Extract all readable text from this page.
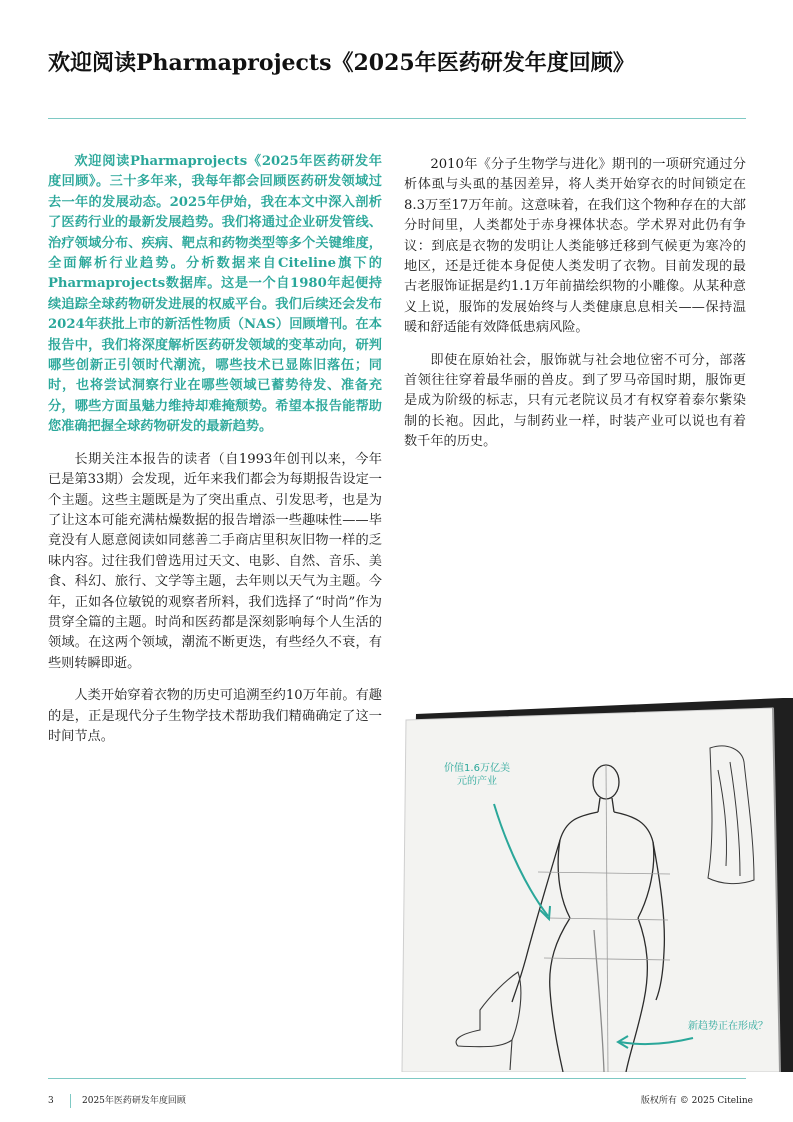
欢迎阅读Pharmaprojects《2025年医药研发年度回顾》

欢迎阅读Pharmaprojects《2025年医药研发年度回顾》。三十多年来，我每年都会回顾医药研发领域过去一年的发展动态。2025年伊始，我在本文中深入剖析了医药行业的最新发展趋势。我们将通过企业研发管线、治疗领域分布、疾病、靶点和药物类型等多个关键维度，全面解析行业趋势。分析数据来自Citeline旗下的Pharmaprojects数据库。这是一个自1980年起便持续追踪全球药物研发进展的权威平台。我们后续还会发布2024年获批上市的新活性物质（NAS）回顾增刊。在本报告中，我们将深度解析医药研发领域的变革动向，研判哪些创新正引领时代潮流，哪些技术已显陈旧落伍；同时，也将尝试洞察行业在哪些领域已蓄势待发、准备充分，哪些方面虽魅力维持却难掩颓势。希望本报告能帮助您准确把握全球药物研发的最新趋势。

长期关注本报告的读者（自1993年创刊以来，今年已是第33期）会发现，近年来我们都会为每期报告设定一个主题。这些主题既是为了突出重点、引发思考，也是为了让这本可能充满枯燥数据的报告增添一些趣味性——毕竟没有人愿意阅读如同慈善二手商店里积灰旧物一样的乏味内容。过往我们曾选用过天文、电影、自然、音乐、美食、科幻、旅行、文学等主题，去年则以天气为主题。今年，正如各位敏锐的观察者所料，我们选择了“时尚”作为贯穿全篇的主题。时尚和医药都是深刻影响每个人生活的领域。在这两个领域，潮流不断更迭，有些经久不衰，有些则转瞬即逝。

人类开始穿着衣物的历史可追溯至约10万年前。有趣的是，正是现代分子生物学技术帮助我们精确确定了这一时间节点。

2010年《分子生物学与进化》期刊的一项研究通过分析体虱与头虱的基因差异，将人类开始穿衣的时间锁定在8.3万至17万年前。这意味着，在我们这个物种存在的大部分时间里，人类都处于赤身裸体状态。学术界对此仍有争议：到底是衣物的发明让人类能够迁移到气候更为寒冷的地区，还是迁徙本身促使人类发明了衣物。目前发现的最古老服饰证据是约1.1万年前描绘织物的小雕像。从某种意义上说，服饰的发展始终与人类健康息息相关——保持温暖和舒适能有效降低患病风险。

即使在原始社会，服饰就与社会地位密不可分，部落首领往往穿着最华丽的兽皮。到了罗马帝国时期，服饰更是成为阶级的标志，只有元老院议员才有权穿着泰尔紫染制的长袍。因此，与制药业一样，时装产业可以说也有着数千年的历史。

价值1.6万亿美元的产业
新趋势正在形成？
3	2025年医药研发年度回顾	版权所有 © 2025 Citeline
